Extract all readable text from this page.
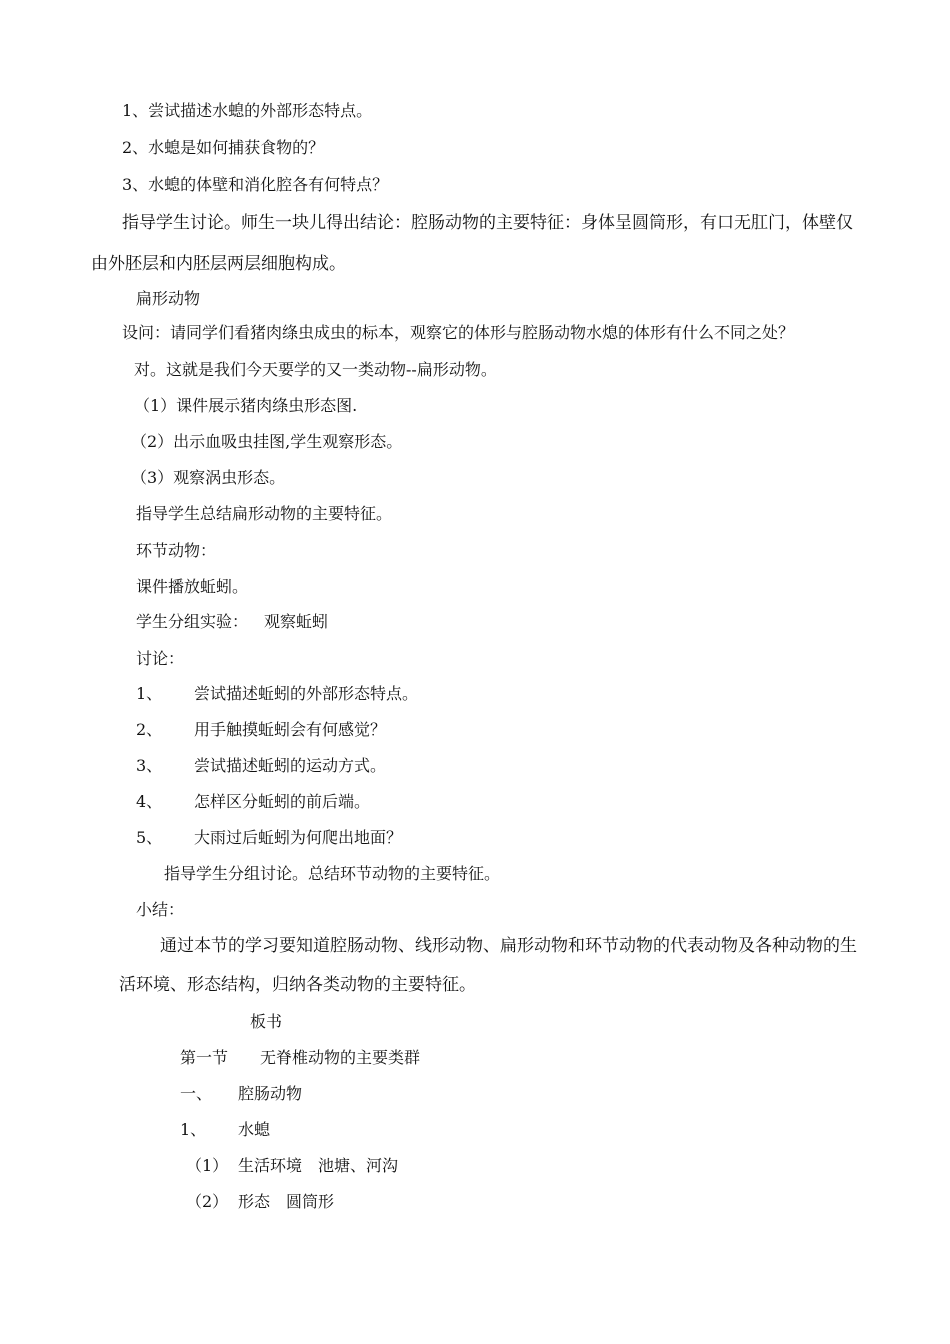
1、尝试描述水螅的外部形态特点。
2、水螅是如何捕获食物的？
3、水螅的体壁和消化腔各有何特点？
指导学生讨论。师生一块儿得出结论：腔肠动物的主要特征：身体呈圆筒形，有口无肛门，体壁仅
由外胚层和内胚层两层细胞构成。
扁形动物
设问：请同学们看猪肉绦虫成虫的标本，观察它的体形与腔肠动物水熄的体形有什么不同之处？
对。这就是我们今天要学的又一类动物--扁形动物。
（1）课件展示猪肉绦虫形态图.
（2）出示血吸虫挂图,学生观察形态。
（3）观察涡虫形态。
指导学生总结扁形动物的主要特征。
环节动物：
课件播放蚯蚓。
学生分组实验： 观察蚯蚓
讨论：
1、 尝试描述蚯蚓的外部形态特点。
2、 用手触摸蚯蚓会有何感觉？
3、 尝试描述蚯蚓的运动方式。
4、 怎样区分蚯蚓的前后端。
5、 大雨过后蚯蚓为何爬出地面？
指导学生分组讨论。总结环节动物的主要特征。
小结：
通过本节的学习要知道腔肠动物、线形动物、扁形动物和环节动物的代表动物及各种动物的生
活环境、形态结构，归纳各类动物的主要特征。
板书
第一节 无脊椎动物的主要类群
一、 腔肠动物
1、 水螅
（1） 生活环境 池塘、河沟
（2） 形态 圆筒形
